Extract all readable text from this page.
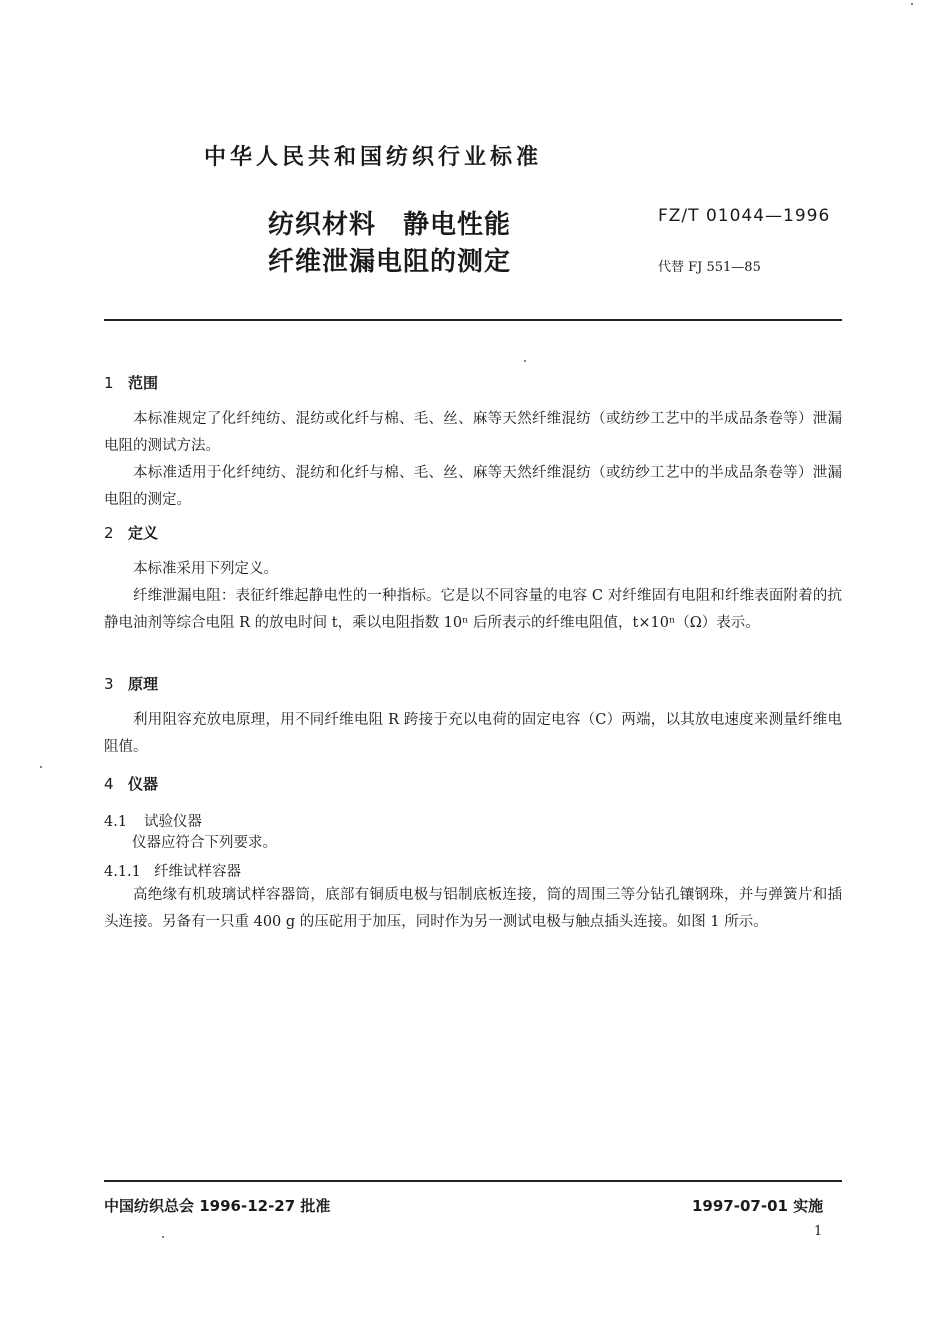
中华人民共和国纺织行业标准
纺织材料　静电性能
纤维泄漏电阻的测定
FZ/T 01044—1996
代替 FJ 551—85
1 范围
本标准规定了化纤纯纺、混纺或化纤与棉、毛、丝、麻等天然纤维混纺（或纺纱工艺中的半成品条卷等）泄漏电阻的测试方法。
本标准适用于化纤纯纺、混纺和化纤与棉、毛、丝、麻等天然纤维混纺（或纺纱工艺中的半成品条卷等）泄漏电阻的测定。
2 定义
本标准采用下列定义。
纤维泄漏电阻：表征纤维起静电性的一种指标。它是以不同容量的电容 C 对纤维固有电阻和纤维表面附着的抗静电油剂等综合电阻 R 的放电时间 t，乘以电阻指数 10ⁿ 后所表示的纤维电阻值，t×10ⁿ（Ω）表示。
3 原理
利用阻容充放电原理，用不同纤维电阻 R 跨接于充以电荷的固定电容（C）两端，以其放电速度来测量纤维电阻值。
4 仪器
4.1 试验仪器
仪器应符合下列要求。
4.1.1 纤维试样容器
高绝缘有机玻璃试样容器筒，底部有铜质电极与铝制底板连接，筒的周围三等分钻孔镶钢珠，并与弹簧片和插头连接。另备有一只重 400 g 的压砣用于加压，同时作为另一测试电极与触点插头连接。如图 1 所示。
中国纺织总会 1996-12-27 批准	1997-07-01 实施
1
